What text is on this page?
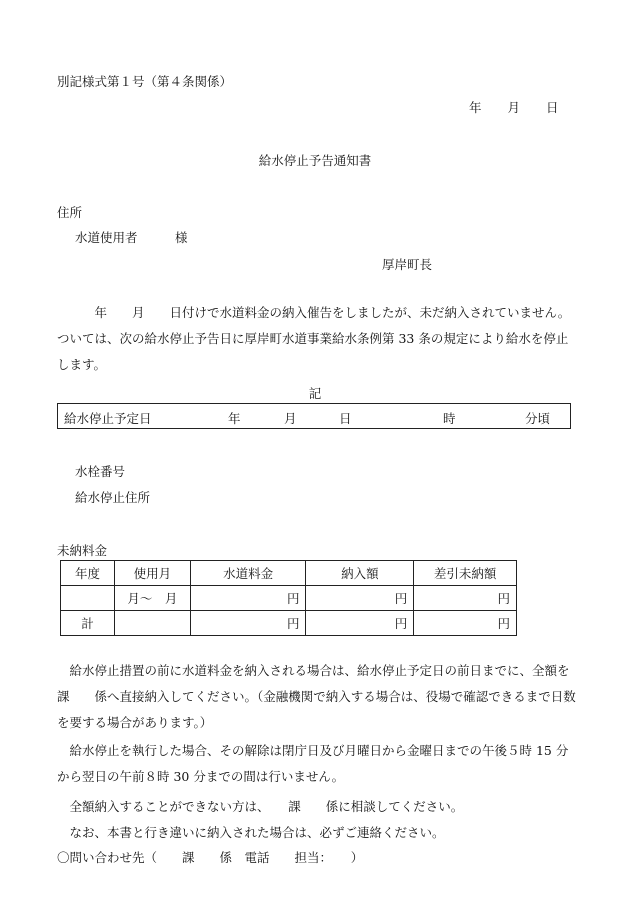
別記様式第１号（第４条関係）
年 月 日
給水停止予告通知書
住所
水道使用者　　　様
厚岸町長
　　　年　　月　　日付けで水道料金の納入催告をしましたが、未だ納入されていません。ついては、次の給水停止予告日に厚岸町水道事業給水条例第 33 条の規定により給水を停止します。
記
給水停止予定日	年	月	日	時	分頃
水栓番号
給水停止住所
未納料金
年度	使用月	水道料金	納入額	差引未納額
	月～　月	円	円	円
計		円	円	円
　給水停止措置の前に水道料金を納入される場合は、給水停止予定日の前日までに、全額を　　課　　係へ直接納入してください。（金融機関で納入する場合は、役場で確認できるまで日数を要する場合があります。）
　給水停止を執行した場合、その解除は閉庁日及び月曜日から金曜日までの午後５時 15 分から翌日の午前８時 30 分までの間は行いません。
　全額納入することができない方は、　　課　　係に相談してください。
　なお、本書と行き違いに納入された場合は、必ずご連絡ください。
〇問い合わせ先（　　課　　係　電話　　担当：　　）
